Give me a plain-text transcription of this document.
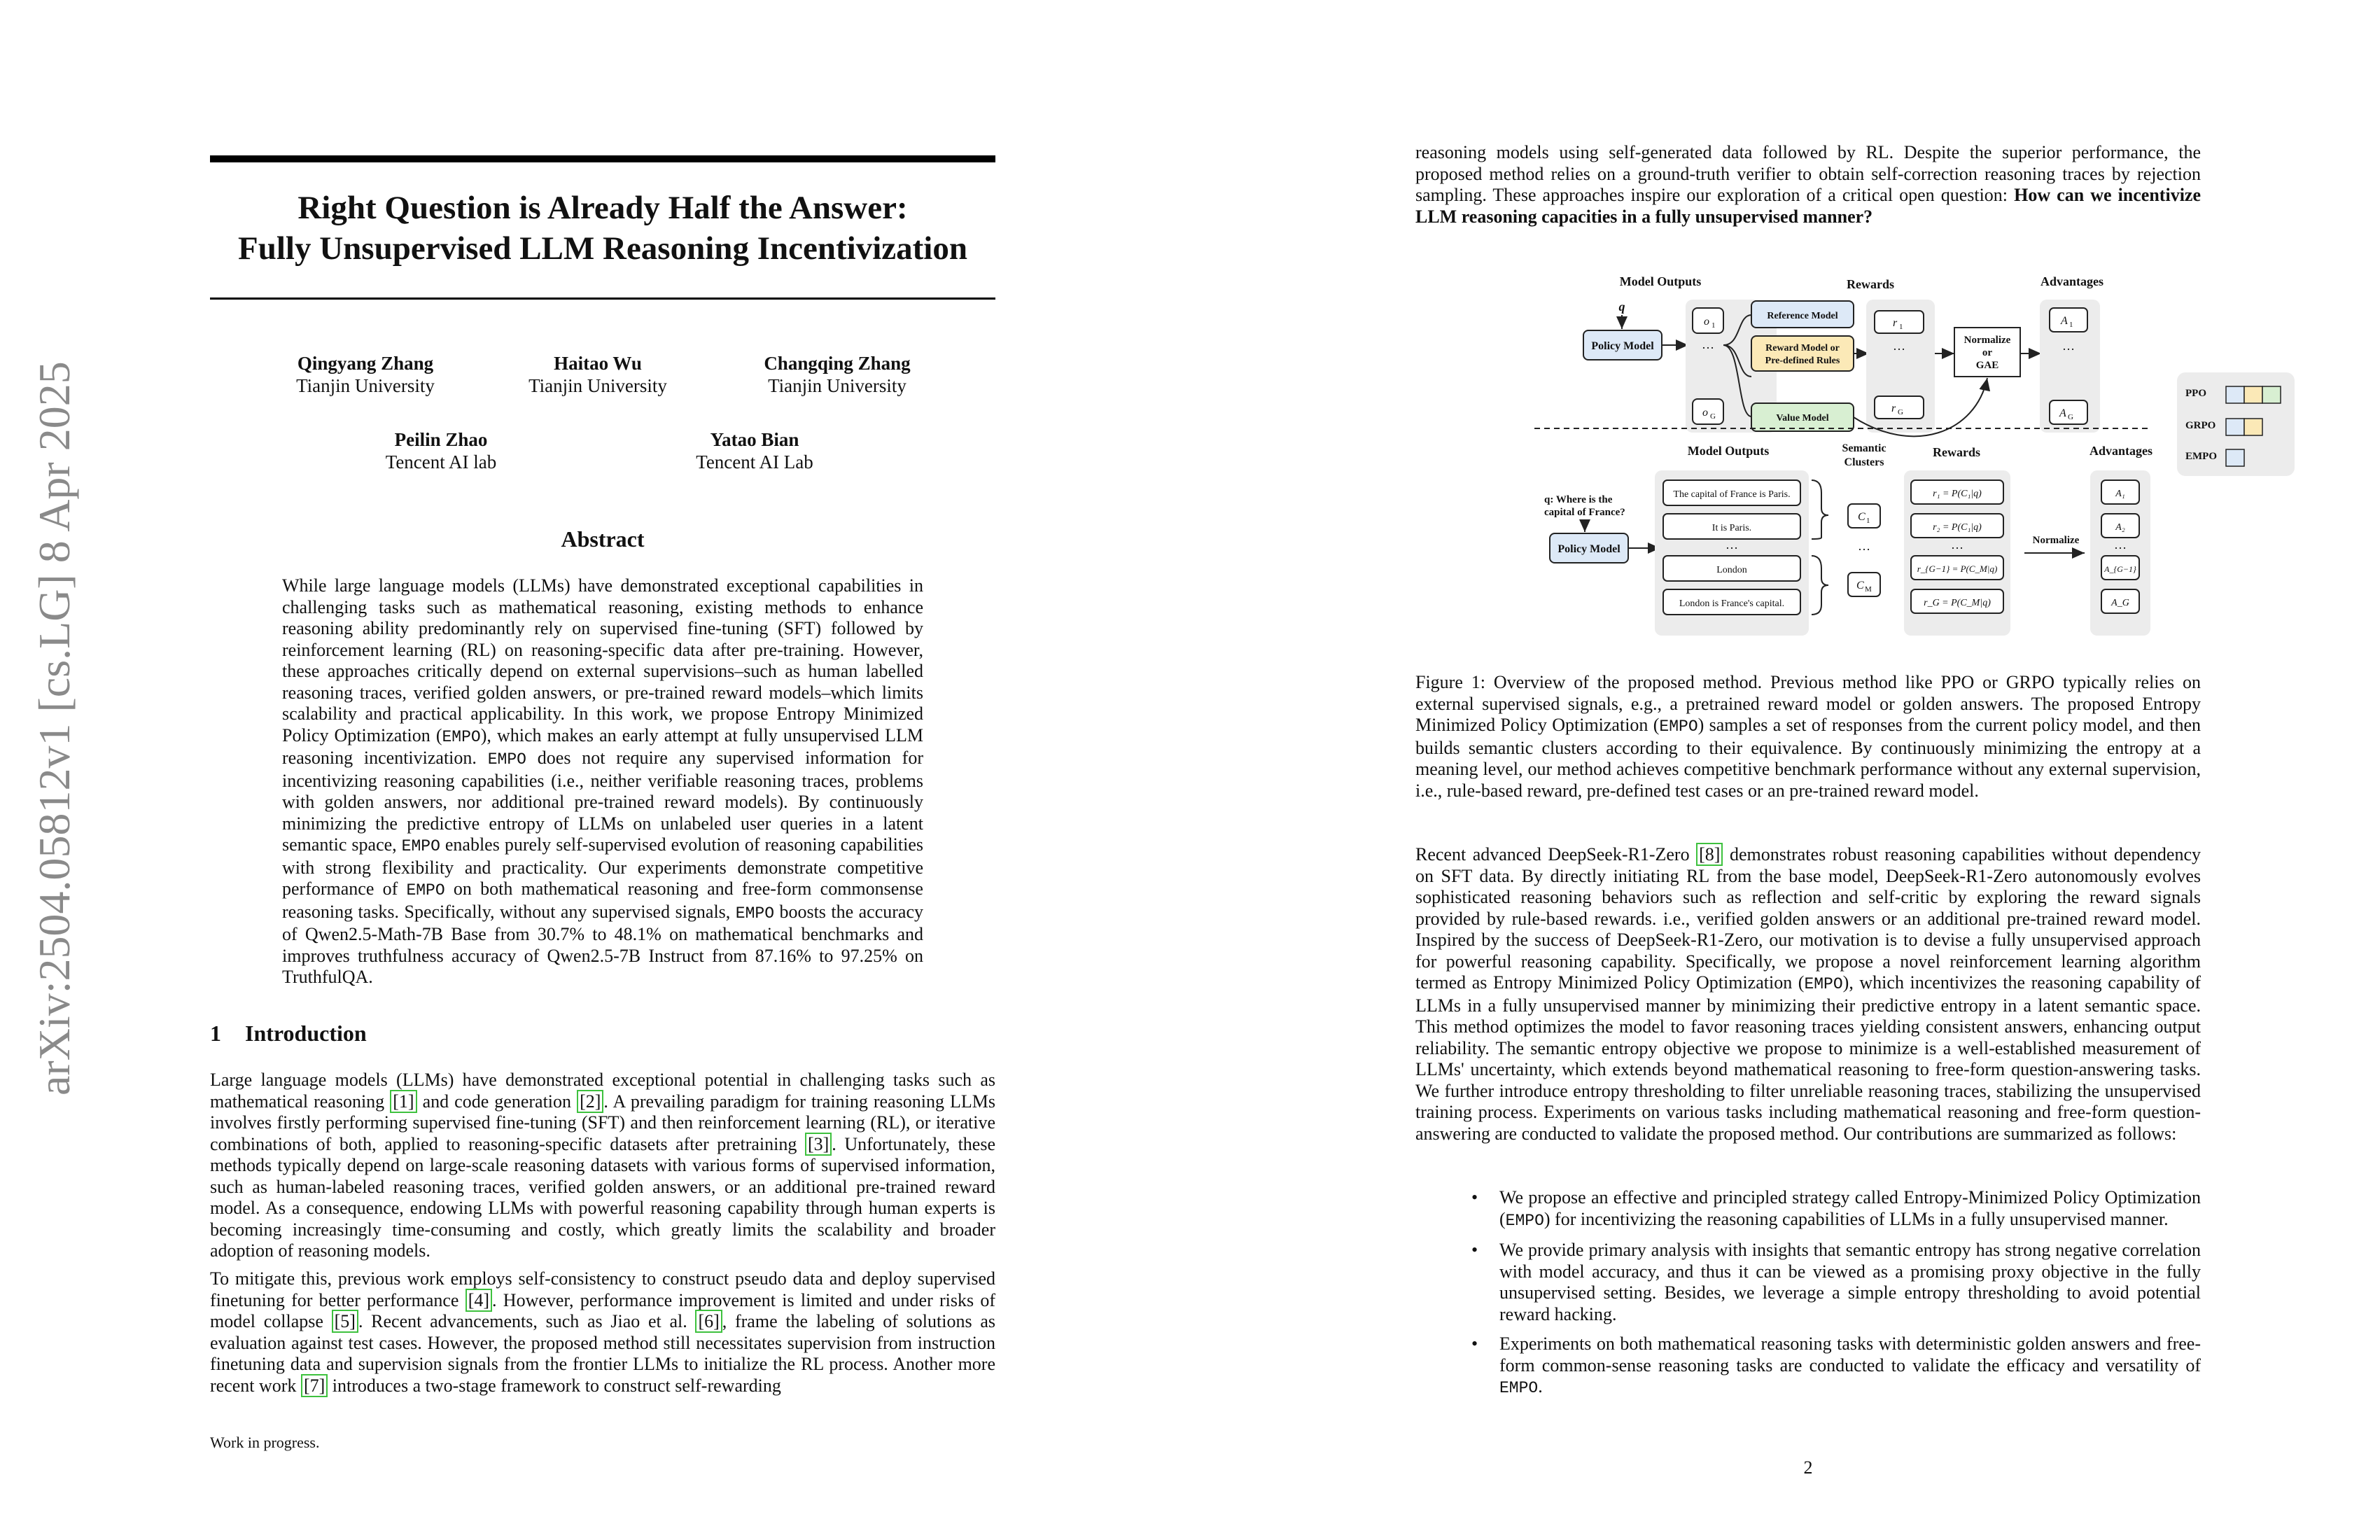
arXiv:2504.05812v1 [cs.LG] 8 Apr 2025
Right Question is Already Half the Answer:
Fully Unsupervised LLM Reasoning Incentivization
Qingyang Zhang
Tianjin University
Haitao Wu
Tianjin University
Changqing Zhang
Tianjin University
Peilin Zhao
Tencent AI lab
Yatao Bian
Tencent AI Lab
Abstract
While large language models (LLMs) have demonstrated exceptional capabilities in challenging tasks such as mathematical reasoning, existing methods to enhance reasoning ability predominantly rely on supervised fine-tuning (SFT) followed by reinforcement learning (RL) on reasoning-specific data after pre-training. However, these approaches critically depend on external supervisions–such as human labelled reasoning traces, verified golden answers, or pre-trained reward models–which limits scalability and practical applicability. In this work, we propose Entropy Minimized Policy Optimization (EMPO), which makes an early attempt at fully unsupervised LLM reasoning incentivization. EMPO does not require any supervised information for incentivizing reasoning capabilities (i.e., neither verifiable reasoning traces, problems with golden answers, nor additional pre-trained reward models). By continuously minimizing the predictive entropy of LLMs on unlabeled user queries in a latent semantic space, EMPO enables purely self-supervised evolution of reasoning capabilities with strong flexibility and practicality. Our experiments demonstrate competitive performance of EMPO on both mathematical reasoning and free-form commonsense reasoning tasks. Specifically, without any supervised signals, EMPO boosts the accuracy of Qwen2.5-Math-7B Base from 30.7% to 48.1% on mathematical benchmarks and improves truthfulness accuracy of Qwen2.5-7B Instruct from 87.16% to 97.25% on TruthfulQA.
1 Introduction
Large language models (LLMs) have demonstrated exceptional potential in challenging tasks such as mathematical reasoning [1] and code generation [2] . A prevailing paradigm for training reasoning LLMs involves firstly performing supervised fine-tuning (SFT) and then reinforcement learning (RL), or iterative combinations of both, applied to reasoning-specific datasets after pretraining [3] . Unfortunately, these methods typically depend on large-scale reasoning datasets with various forms of supervised information, such as human-labeled reasoning traces, verified golden answers, or an additional pre-trained reward model. As a consequence, endowing LLMs with powerful reasoning capability through human experts is becoming increasingly time-consuming and costly, which greatly limits the scalability and broader adoption of reasoning models.
To mitigate this, previous work employs self-consistency to construct pseudo data and deploy supervised finetuning for better performance [4] . However, performance improvement is limited and under risks of model collapse [5] . Recent advancements, such as Jiao et al. [6] , frame the labeling of solutions as evaluation against test cases. However, the proposed method still necessitates supervision from instruction finetuning data and supervision signals from the frontier LLMs to initialize the RL process. Another more recent work [7] introduces a two-stage framework to construct self-rewarding
Work in progress.
reasoning models using self-generated data followed by RL. Despite the superior performance, the proposed method relies on a ground-truth verifier to obtain self-correction reasoning traces by rejection sampling. These approaches inspire our exploration of a critical open question: How can we incentivize LLM reasoning capacities in a fully unsupervised manner?
Model Outputs	Rewards	Advantages
q
Policy Model
o 1
…
o G
Reference Model
Reward Model or
Pre-defined Rules
Value Model
r 1
…
r G
Normalize
or
GAE
A 1
…
A G
PPO
GRPO
EMPO
Model Outputs	Semantic
Clusters
Rewards	Advantages
q: Where is the
capital of France?
Policy Model
The capital of France is Paris.
It is Paris.
…
London
London is France's capital.
C 1
…
C M
r₁ = P(C₁|q)
r₂ = P(C₁|q)
…
r_{G−1} = P(C_M|q)
r_G = P(C_M|q)
Normalize
A₁
A₂
…
A_{G−1}
A_G
Figure 1: Overview of the proposed method. Previous method like PPO or GRPO typically relies on external supervised signals, e.g., a pretrained reward model or golden answers. The proposed Entropy Minimized Policy Optimization (EMPO) samples a set of responses from the current policy model, and then builds semantic clusters according to their equivalence. By continuously minimizing the entropy at a meaning level, our method achieves competitive benchmark performance without any external supervision, i.e., rule-based reward, pre-defined test cases or an pre-trained reward model.
Recent advanced DeepSeek-R1-Zero [8] demonstrates robust reasoning capabilities without dependency on SFT data. By directly initiating RL from the base model, DeepSeek-R1-Zero autonomously evolves sophisticated reasoning behaviors such as reflection and self-critic by exploring the reward signals provided by rule-based rewards. i.e., verified golden answers or an additional pre-trained reward model. Inspired by the success of DeepSeek-R1-Zero, our motivation is to devise a fully unsupervised approach for powerful reasoning capability. Specifically, we propose a novel reinforcement learning algorithm termed as Entropy Minimized Policy Optimization (EMPO), which incentivizes the reasoning capability of LLMs in a fully unsupervised manner by minimizing their predictive entropy in a latent semantic space. This method optimizes the model to favor reasoning traces yielding consistent answers, enhancing output reliability. The semantic entropy objective we propose to minimize is a well-established measurement of LLMs' uncertainty, which extends beyond mathematical reasoning to free-form question-answering tasks. We further introduce entropy thresholding to filter unreliable reasoning traces, stabilizing the unsupervised training process. Experiments on various tasks including mathematical reasoning and free-form question-answering are conducted to validate the proposed method. Our contributions are summarized as follows:
• We propose an effective and principled strategy called Entropy-Minimized Policy Optimization (EMPO) for incentivizing the reasoning capabilities of LLMs in a fully unsupervised manner.
• We provide primary analysis with insights that semantic entropy has strong negative correlation with model accuracy, and thus it can be viewed as a promising proxy objective in the fully unsupervised setting. Besides, we leverage a simple entropy thresholding to avoid potential reward hacking.
• Experiments on both mathematical reasoning tasks with deterministic golden answers and free-form common-sense reasoning tasks are conducted to validate the efficacy and versatility of EMPO.
2
